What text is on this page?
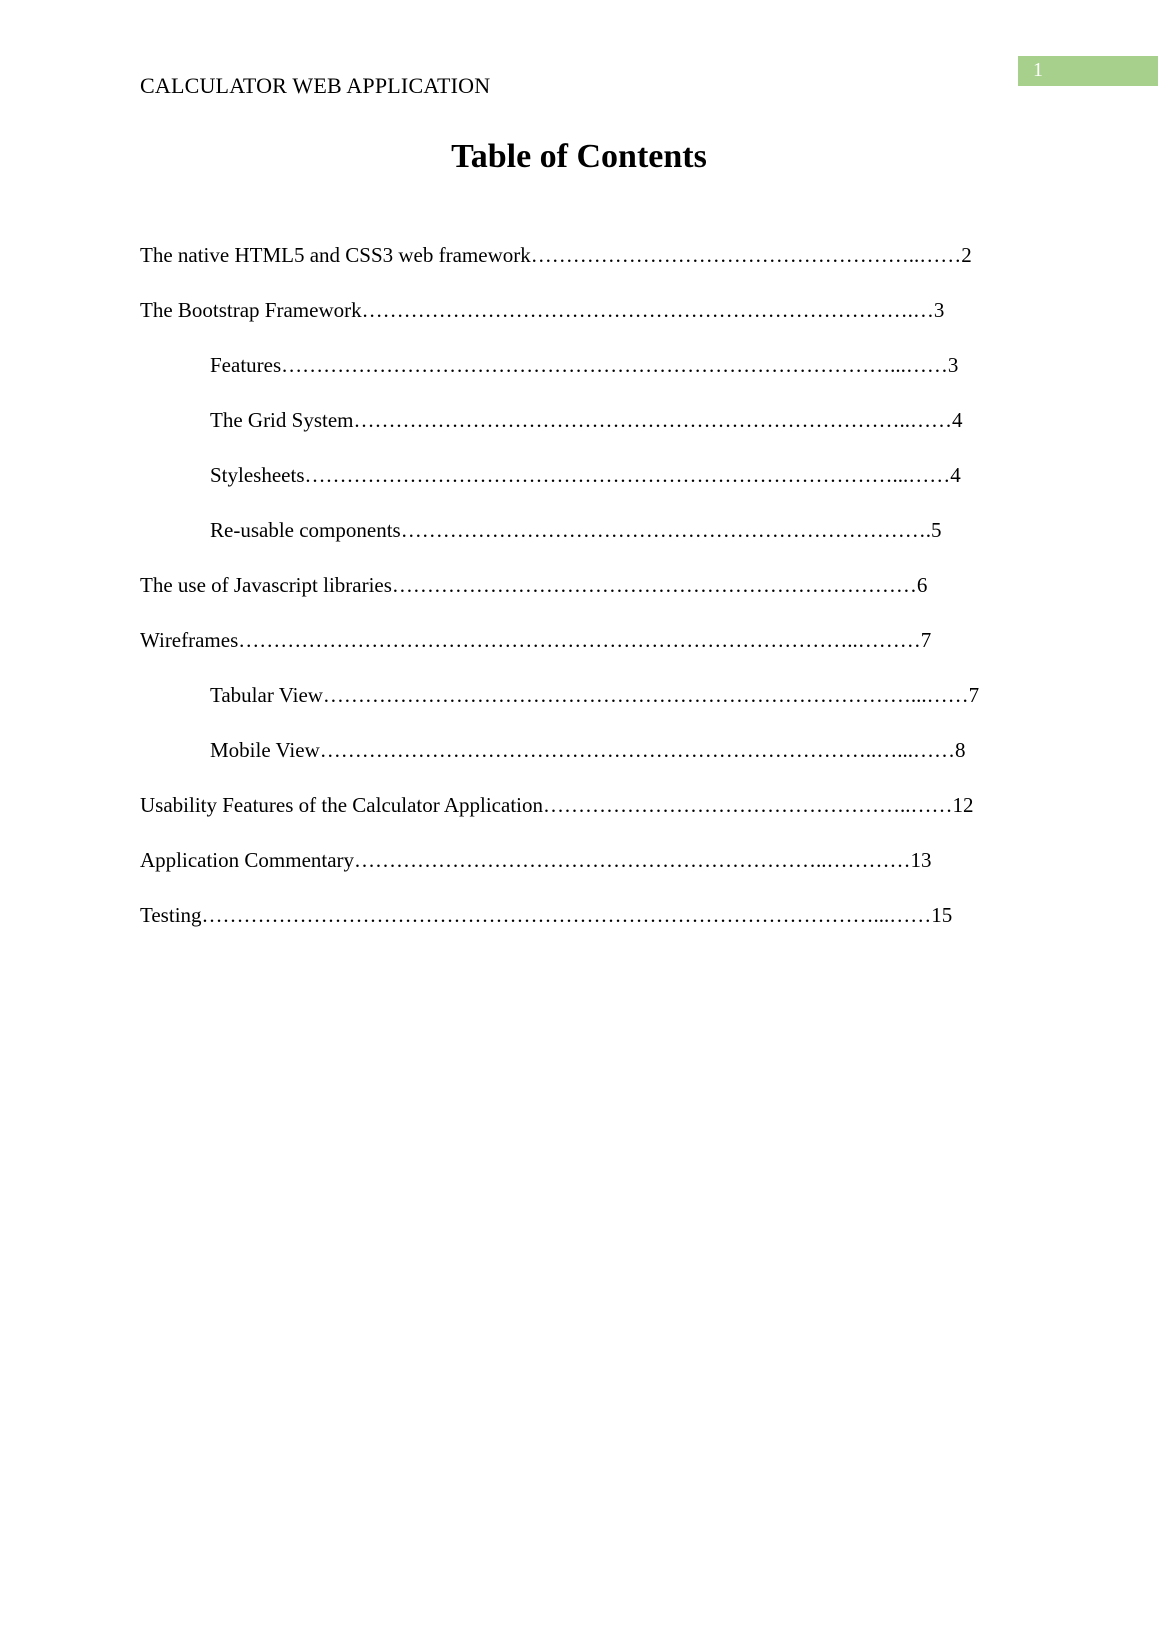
1
CALCULATOR WEB APPLICATION
Table of Contents
The native HTML5 and CSS3 web framework………………………………………………..……2
The Bootstrap Framework…………………………………………………………………….…3
Features……………………………………………………………………………...……3
The Grid System……………………………………………………………………..……4
Stylesheets…………………………………………………………………………...……4
Re-usable components………………………………………………………………….5
The use of Javascript libraries…………………………………………………………………6
Wireframes……………………………………………………………………………..………7
Tabular View…………………………………………………………………………...……7
Mobile View……………………………………………………………………..…...……8
Usability Features of the Calculator Application……………………………………………..……12
Application Commentary…………………………………………………………..…………13
Testing……………………………………………………………………………………...……15
